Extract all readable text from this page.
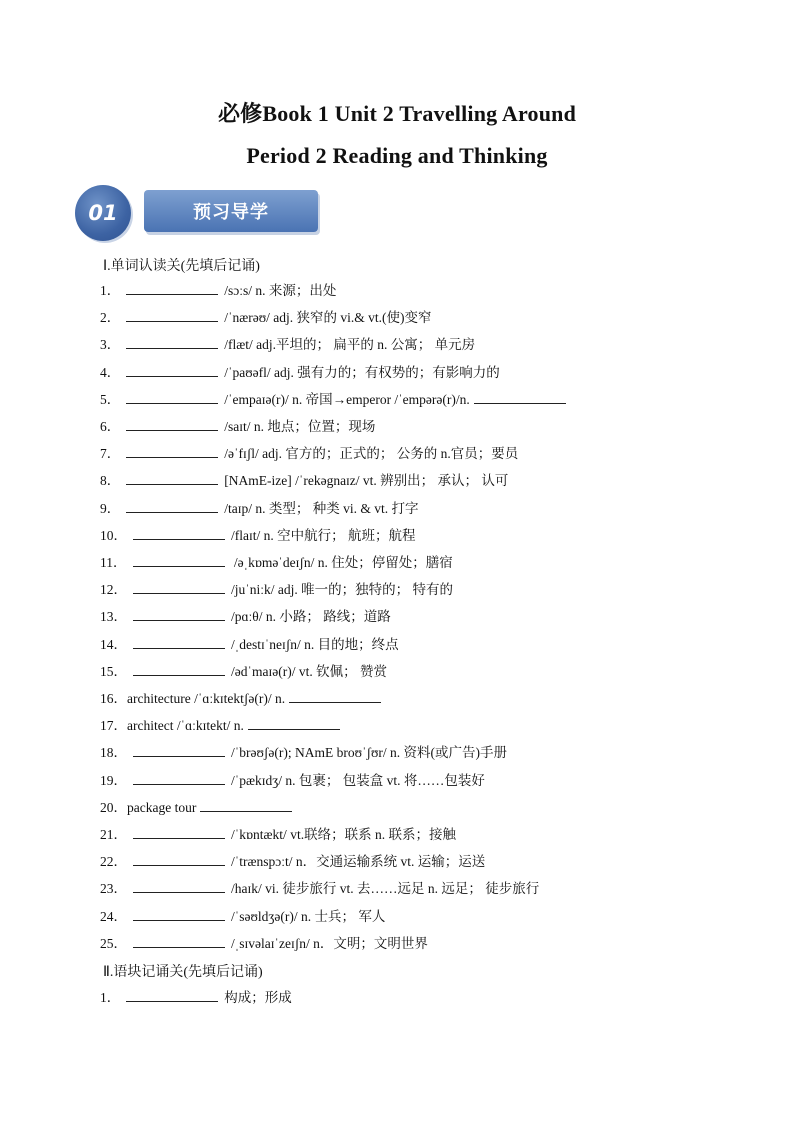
必修Book 1 Unit 2 Travelling Around
Period 2 Reading and Thinking
01	预习导学
Ⅰ.单词认读关(先填后记诵)
1．	/sɔːs/ n. 来源；出处
2．	/ˈnærəʊ/ adj. 狭窄的 vi.& vt.(使)变窄
3．	/flæt/ adj.平坦的； 扁平的 n. 公寓； 单元房
4．	/ˈpaʊəfl/ adj. 强有力的；有权势的；有影响力的
5．	/ˈempaɪə(r)/ n. 帝国→emperor /ˈempərə(r)/n.
6．	/saɪt/ n. 地点；位置；现场
7．	/əˈfɪʃl/ adj. 官方的；正式的； 公务的 n.官员；要员
8．	[NAmE-ize] /ˈrekəgnaɪz/ vt. 辨别出； 承认； 认可
9．	/taɪp/ n. 类型； 种类 vi. & vt. 打字
10．	/flaɪt/ n. 空中航行； 航班；航程
11．	/əˌkɒməˈdeɪʃn/ n. 住处；停留处；膳宿
12．	/juˈniːk/ adj. 唯一的；独特的； 特有的
13．	/pɑːθ/ n. 小路； 路线；道路
14．	/ˌdestɪˈneɪʃn/ n. 目的地；终点
15．	/ədˈmaɪə(r)/ vt. 钦佩； 赞赏
16．architecture /ˈɑːkɪtektʃə(r)/ n.
17．architect /ˈɑːkɪtekt/ n.
18．	/ˈbrəʊʃə(r); NAmE broʊˈʃʊr/ n. 资料(或广告)手册
19．	/ˈpækɪdʒ/ n. 包裹； 包装盒 vt. 将……包装好
20．package tour
21．	/ˈkɒntækt/ vt.联络；联系 n. 联系；接触
22．	/ˈtrænspɔːt/ n．交通运输系统 vt. 运输；运送
23．	/haɪk/ vi. 徒步旅行 vt. 去……远足 n. 远足； 徒步旅行
24．	/ˈsəʊldʒə(r)/ n. 士兵； 军人
25．	/ˌsɪvəlaɪˈzeɪʃn/ n．文明；文明世界
Ⅱ.语块记诵关(先填后记诵)
1．	构成；形成
